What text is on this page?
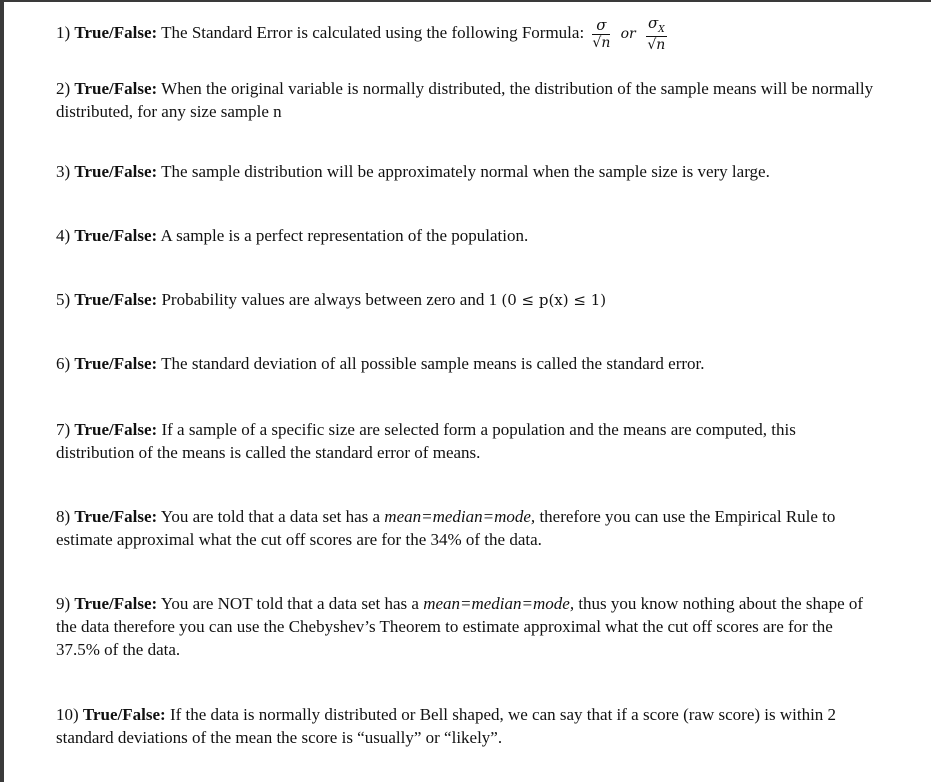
1) True/False: The Standard Error is calculated using the following Formula: $\frac{\sigma}{√n}$ or $\frac{\sigma_X}{√n}$
2) True/False: When the original variable is normally distributed, the distribution of the sample means will be normally distributed, for any size sample n
3) True/False: The sample distribution will be approximately normal when the sample size is very large.
4) True/False: A sample is a perfect representation of the population.
5) True/False: Probability values are always between zero and 1 (0 ≤ p(x) ≤ 1)
6) True/False: The standard deviation of all possible sample means is called the standard error.
7) True/False: If a sample of a specific size are selected form a population and the means are computed, this distribution of the means is called the standard error of means.
8) True/False: You are told that a data set has a mean=median=mode, therefore you can use the Empirical Rule to estimate approximal what the cut off scores are for the 34% of the data.
9) True/False: You are NOT told that a data set has a mean=median=mode, thus you know nothing about the shape of the data therefore you can use the Chebyshev’s Theorem to estimate approximal what the cut off scores are for the 37.5% of the data.
10) True/False: If the data is normally distributed or Bell shaped, we can say that if a score (raw score) is within 2 standard deviations of the mean the score is “usually” or “likely”.
